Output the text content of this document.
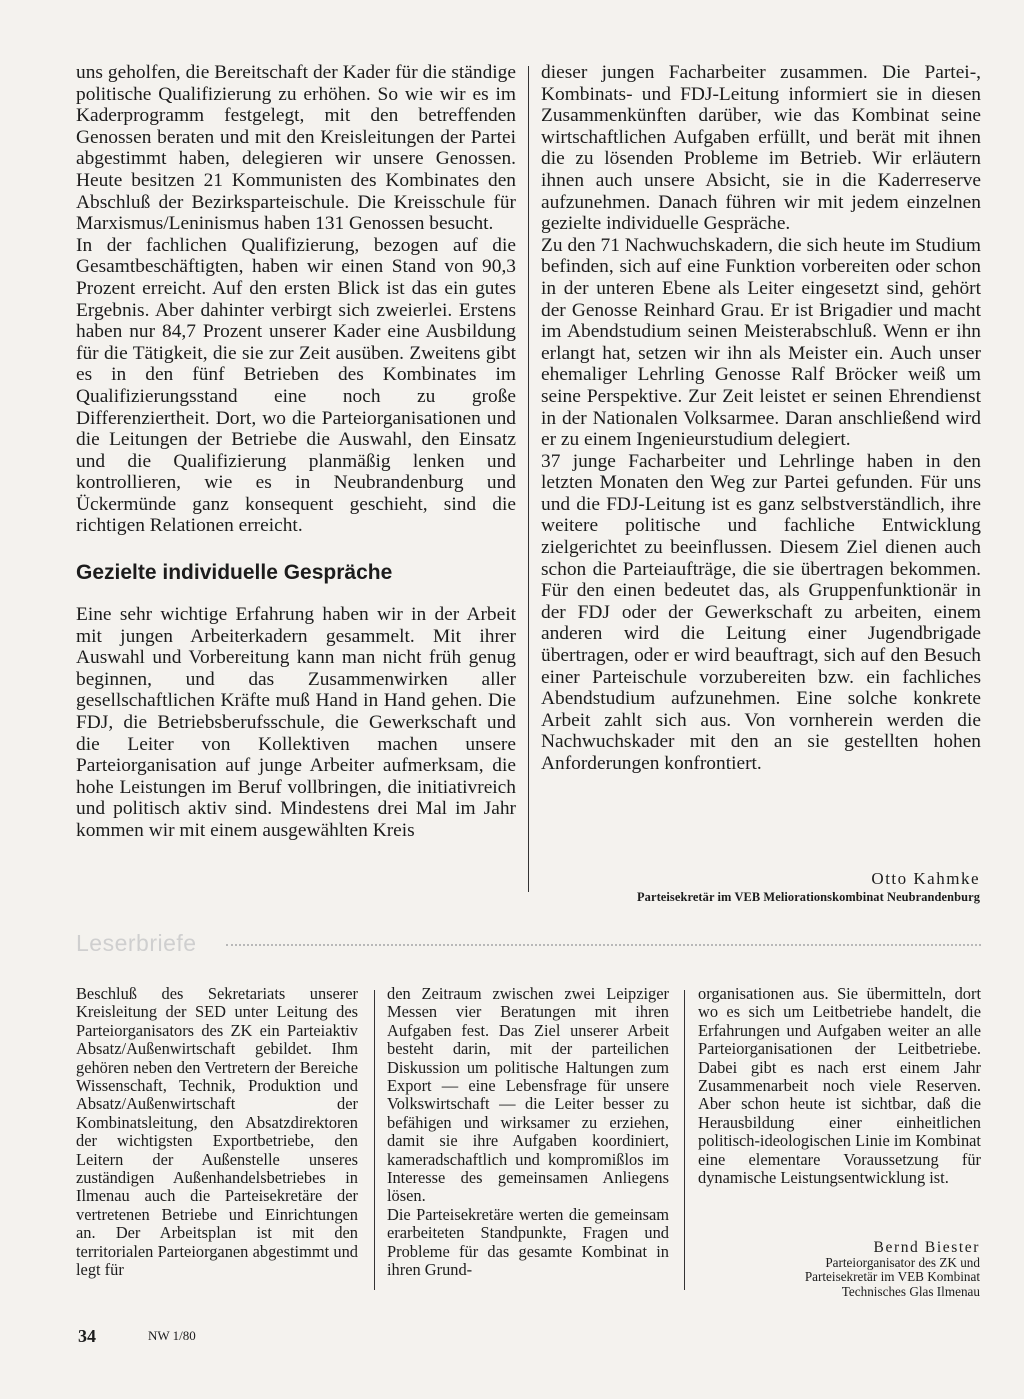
uns geholfen, die Bereitschaft der Kader für die ständige politische Qualifizierung zu erhöhen. So wie wir es im Kaderprogramm festgelegt, mit den betreffenden Genossen beraten und mit den Kreisleitungen der Partei abgestimmt haben, delegieren wir unsere Genossen. Heute besitzen 21 Kommunisten des Kombinates den Abschluß der Bezirksparteischule. Die Kreisschule für Marxismus/Leninismus haben 131 Genossen besucht.

In der fachlichen Qualifizierung, bezogen auf die Gesamtbeschäftigten, haben wir einen Stand von 90,3 Prozent erreicht. Auf den ersten Blick ist das ein gutes Ergebnis. Aber dahinter verbirgt sich zweierlei. Erstens haben nur 84,7 Prozent unserer Kader eine Ausbildung für die Tätigkeit, die sie zur Zeit ausüben. Zweitens gibt es in den fünf Betrieben des Kombinates im Qualifizierungsstand eine noch zu große Differenziertheit. Dort, wo die Parteiorganisationen und die Leitungen der Betriebe die Auswahl, den Einsatz und die Qualifizierung planmäßig lenken und kontrollieren, wie es in Neubrandenburg und Ückermünde ganz konsequent geschieht, sind die richtigen Relationen erreicht.

Gezielte individuelle Gespräche

Eine sehr wichtige Erfahrung haben wir in der Arbeit mit jungen Arbeiterkadern gesammelt. Mit ihrer Auswahl und Vorbereitung kann man nicht früh genug beginnen, und das Zusammenwirken aller gesellschaftlichen Kräfte muß Hand in Hand gehen. Die FDJ, die Betriebsberufsschule, die Gewerkschaft und die Leiter von Kollektiven machen unsere Parteiorganisation auf junge Arbeiter aufmerksam, die hohe Leistungen im Beruf vollbringen, die initiativreich und politisch aktiv sind. Mindestens drei Mal im Jahr kommen wir mit einem ausgewählten Kreis

dieser jungen Facharbeiter zusammen. Die Partei-, Kombinats- und FDJ-Leitung informiert sie in diesen Zusammenkünften darüber, wie das Kombinat seine wirtschaftlichen Aufgaben erfüllt, und berät mit ihnen die zu lösenden Probleme im Betrieb. Wir erläutern ihnen auch unsere Absicht, sie in die Kaderreserve aufzunehmen. Danach führen wir mit jedem einzelnen gezielte individuelle Gespräche.

Zu den 71 Nachwuchskadern, die sich heute im Studium befinden, sich auf eine Funktion vorbereiten oder schon in der unteren Ebene als Leiter eingesetzt sind, gehört der Genosse Reinhard Grau. Er ist Brigadier und macht im Abendstudium seinen Meisterabschluß. Wenn er ihn erlangt hat, setzen wir ihn als Meister ein. Auch unser ehemaliger Lehrling Genosse Ralf Bröcker weiß um seine Perspektive. Zur Zeit leistet er seinen Ehrendienst in der Nationalen Volksarmee. Daran anschließend wird er zu einem Ingenieurstudium delegiert.

37 junge Facharbeiter und Lehrlinge haben in den letzten Monaten den Weg zur Partei gefunden. Für uns und die FDJ-Leitung ist es ganz selbstverständlich, ihre weitere politische und fachliche Entwicklung zielgerichtet zu beeinflussen. Diesem Ziel dienen auch schon die Parteiaufträge, die sie übertragen bekommen. Für den einen bedeutet das, als Gruppenfunktionär in der FDJ oder der Gewerkschaft zu arbeiten, einem anderen wird die Leitung einer Jugendbrigade übertragen, oder er wird beauftragt, sich auf den Besuch einer Parteischule vorzubereiten bzw. ein fachliches Abendstudium aufzunehmen. Eine solche konkrete Arbeit zahlt sich aus. Von vornherein werden die Nachwuchskader mit den an sie gestellten hohen Anforderungen konfrontiert.

Otto Kahmke
Parteisekretär im VEB Meliorationskombinat Neubrandenburg
Leserbriefe

Beschluß des Sekretariats unserer Kreisleitung der SED unter Leitung des Parteiorganisators des ZK ein Parteiaktiv Absatz/Außenwirtschaft gebildet. Ihm gehören neben den Vertretern der Bereiche Wissenschaft, Technik, Produktion und Absatz/Außenwirtschaft der Kombinatsleitung, den Absatzdirektoren der wichtigsten Exportbetriebe, den Leitern der Außenstelle unseres zuständigen Außenhandelsbetriebes in Ilmenau auch die Parteisekretäre der vertretenen Betriebe und Einrichtungen an. Der Arbeitsplan ist mit den territorialen Parteiorganen abgestimmt und legt für

den Zeitraum zwischen zwei Leipziger Messen vier Beratungen mit ihren Aufgaben fest. Das Ziel unserer Arbeit besteht darin, mit der parteilichen Diskussion um politische Haltungen zum Export — eine Lebensfrage für unsere Volkswirtschaft — die Leiter besser zu befähigen und wirksamer zu erziehen, damit sie ihre Aufgaben koordiniert, kameradschaftlich und kompromißlos im Interesse des gemeinsamen Anliegens lösen.

Die Parteisekretäre werten die gemeinsam erarbeiteten Standpunkte, Fragen und Probleme für das gesamte Kombinat in ihren Grund-

organisationen aus. Sie übermitteln, dort wo es sich um Leitbetriebe handelt, die Erfahrungen und Aufgaben weiter an alle Parteiorganisationen der Leitbetriebe. Dabei gibt es nach erst einem Jahr Zusammenarbeit noch viele Reserven. Aber schon heute ist sichtbar, daß die Herausbildung einer einheitlichen politisch-ideologischen Linie im Kombinat eine elementare Voraussetzung für dynamische Leistungsentwicklung ist.

Bernd Biester
Parteiorganisator des ZK und
Parteisekretär im VEB Kombinat
Technisches Glas Ilmenau
34	NW 1/80
